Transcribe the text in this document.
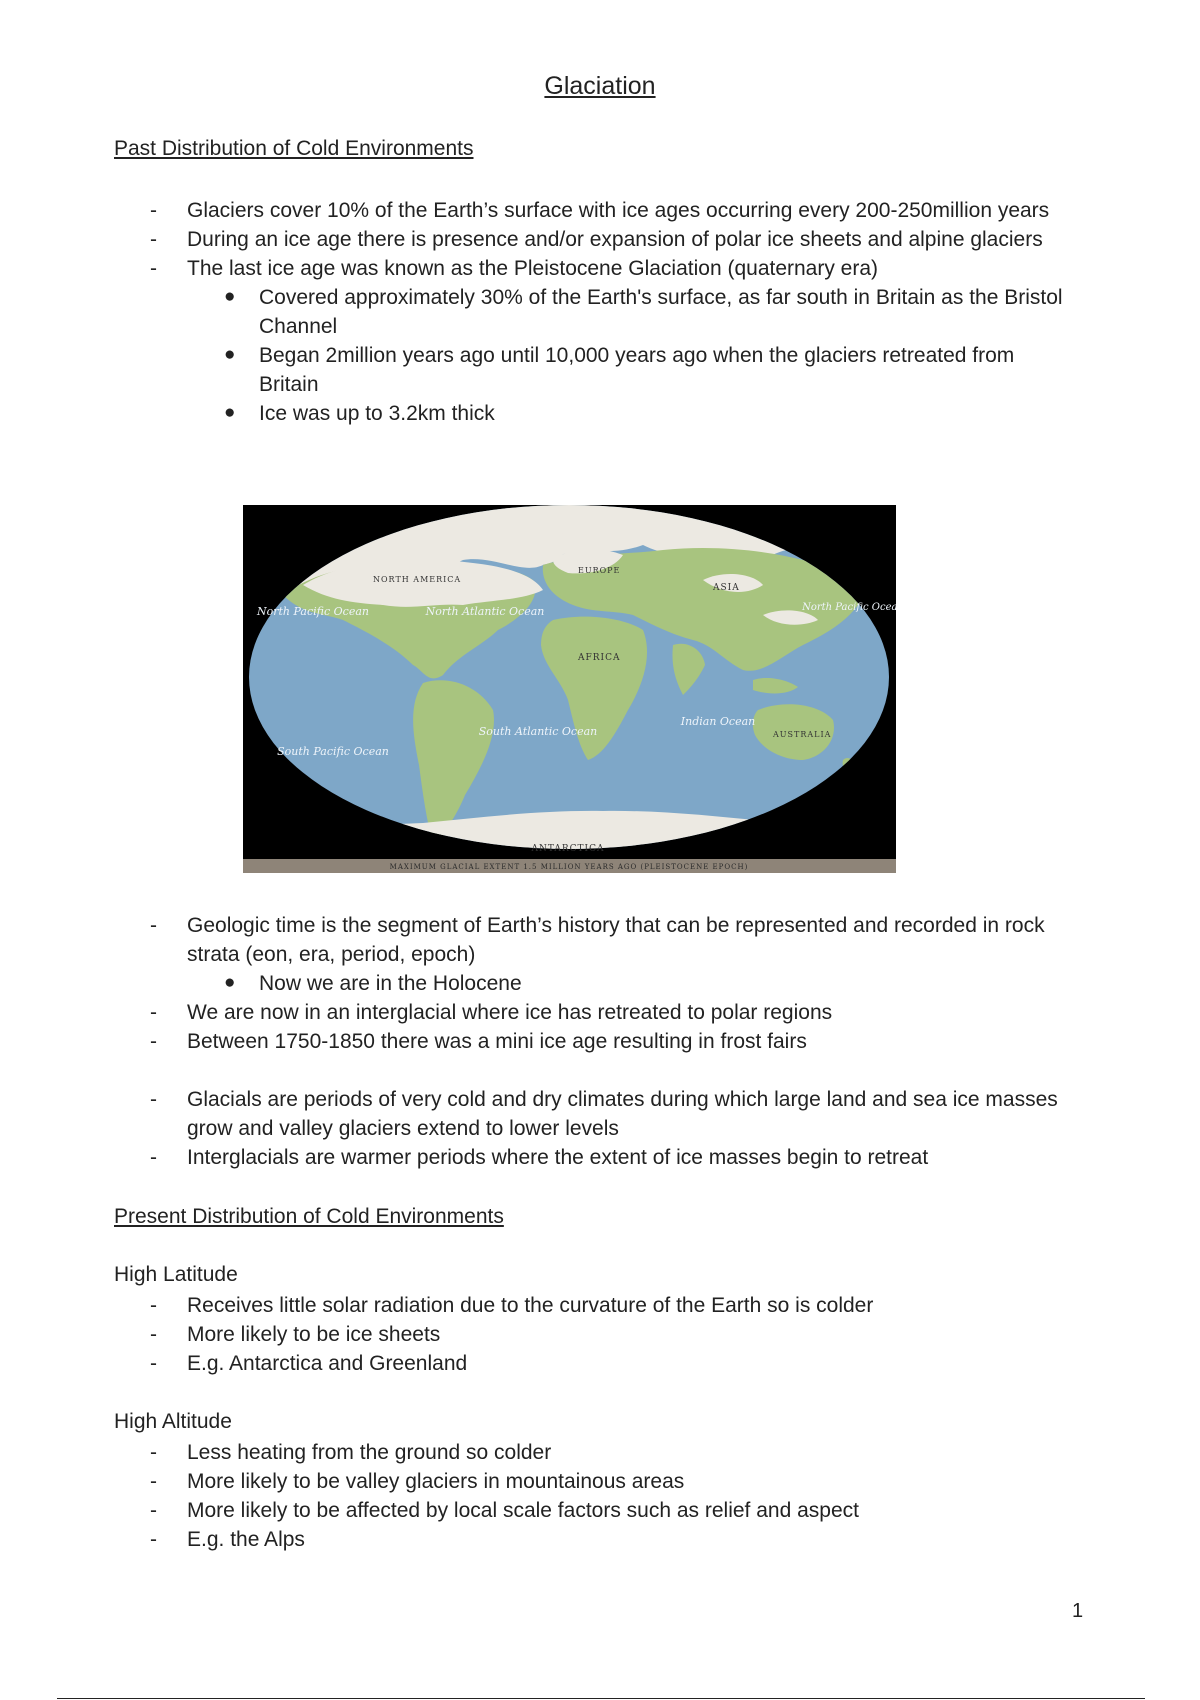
Glaciation
Past Distribution of Cold Environments
- Glaciers cover 10% of the Earth’s surface with ice ages occurring every 200-250million years
- During an ice age there is presence and/or expansion of polar ice sheets and alpine glaciers
- The last ice age was known as the Pleistocene Glaciation (quaternary era)
● Covered approximately 30% of the Earth's surface, as far south in Britain as the Bristol Channel
● Began 2million years ago until 10,000 years ago when the glaciers retreated from Britain
● Ice was up to 3.2km thick
NORTH AMERICA
EUROPE
ASIA
AFRICA
AUSTRALIA
ANTARCTICA
North Pacific Ocean	North Pacific Ocean
North Atlantic Ocean
South Pacific Ocean
South Atlantic Ocean
Indian Ocean
MAXIMUM GLACIAL EXTENT 1.5 MILLION YEARS AGO (PLEISTOCENE EPOCH)
- Geologic time is the segment of Earth’s history that can be represented and recorded in rock strata (eon, era, period, epoch)
● Now we are in the Holocene
- We are now in an interglacial where ice has retreated to polar regions
- Between 1750-1850 there was a mini ice age resulting in frost fairs
- Glacials are periods of very cold and dry climates during which large land and sea ice masses grow and valley glaciers extend to lower levels
- Interglacials are warmer periods where the extent of ice masses begin to retreat
Present Distribution of Cold Environments
High Latitude
- Receives little solar radiation due to the curvature of the Earth so is colder
- More likely to be ice sheets
- E.g. Antarctica and Greenland
High Altitude
- Less heating from the ground so colder
- More likely to be valley glaciers in mountainous areas
- More likely to be affected by local scale factors such as relief and aspect
- E.g. the Alps
1
